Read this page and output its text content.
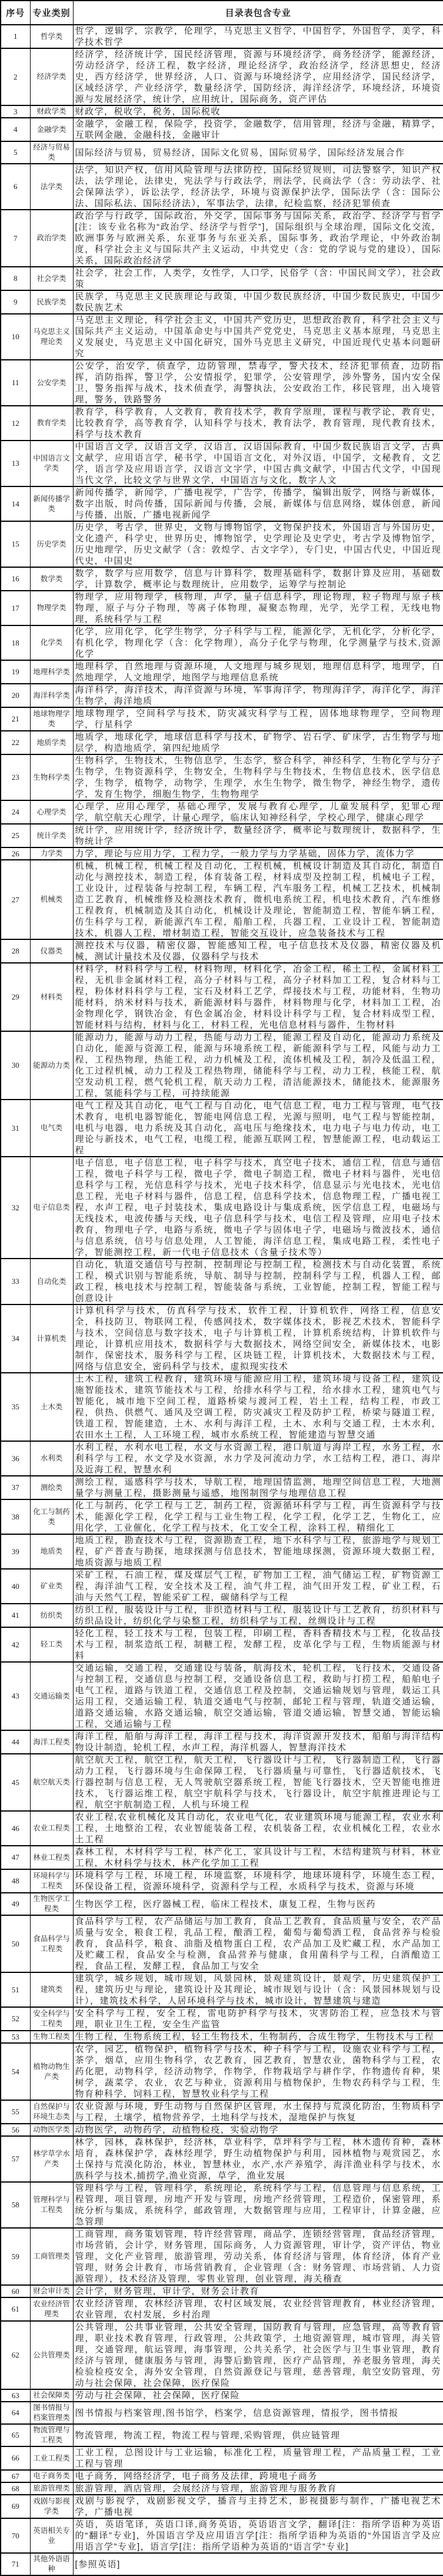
序号	专业类别	目录表包含专业
1	哲学类	哲学，逻辑学，宗教学，伦理学，马克思主义哲学，中国哲学，外国哲学，美学，科学技术哲学
2	经济学类	经济学，经济统计学，国民经济管理，资源与环境经济学，商务经济学，能源经济，劳动经济学，经济工程，数字经济，理论经济学，政治经济学，经济思想史，经济史，西方经济学，世界经济，人口、资源与环境经济学，应用经济学，国民经济学，区域经济学，产业经济学，数量经济学，国防经济，海洋经济学，环境经济，环境资源与发展经济学，统计学，应用统计，国际商务，资产评估
3	财政学类	财政学，税收学，税务，国际税收
4	金融学类	金融学，金融工程，保险学，投资学，金融数学，信用管理，经济与金融，精算学，互联网金融，金融科技，金融审计
5	经济与贸易类	国际经济与贸易，贸易经济，国际文化贸易，国际贸易学，国际经济发展合作
6	法学类	法学，知识产权，信用风险管理与法律防控，国际经贸规则，司法警察学，知识产权法，法学理论，法律史，宪法学与行政法学，刑法学，民商法学（含：劳动法学、社会保障法学），诉讼法学，经济法学，环境与资源保护法学，国际法学（含：国际公法、国际私法、国际经济法），军事法学，法律，纪检监察，经济犯罪侦查
7	政治学类	政治学与行政学，国际政治，外交学，国际事务与国际关系，政治学、经济学与哲学[注：该专业名称为“政治学、经济学与哲学”]，国际组织与全球治理，国际文化交流，欧洲事务与欧洲关系，东亚事务与东亚关系，国际事务，政治学理论，中外政治制度，科学社会主义与国际共产主义运动，中共党史（含：党的学说与党的建设），国际关系，国际政治经济学
8	社会学类	社会学，社会工作，人类学，女性学，人口学，民俗学（含：中国民间文学），社会政策
9	民族学类	民族学，马克思主义民族理论与政策，中国少数民族经济，中国少数民族史，中国少数民族艺术
10	马克思主义理论类	马克思主义理论，科学社会主义，中国共产党历史，思想政治教育，科学社会主义与国际共产主义运动，中国革命史与中国共产党党史，马克思主义基本原理，马克思主义发展史，马克思主义中国化研究，国外马克思主义研究，中国近现代史基本问题研究
11	公安学类	公安学，治安学，侦查学，边防管理，禁毒学，警犬技术，经济犯罪侦查，边防指挥，消防指挥，警卫学，公安情报学，犯罪学，公安管理学，涉外警务，国内安全保卫，警务指挥与战术，技术侦查学，海警执法，公安政治工作，移民管理，出入境管理，警务，铁路警务
12	教育学类	教育学，科学教育，人文教育，教育技术学，教育学原理，课程与教学论，教育史，比较教育学，高等教育学，认知科学与技术，教育法学，教育管理，现代教育技术，科学与技术教育
13	中国语言文学类	中国语言文学，汉语言文学，汉语言，汉语国际教育，中国少数民族语言文学，古典文献学，应用语言学，秘书学，中国语言文化，对外汉语，中国学，文秘教育，文艺学，语言学及应用语言学，汉语言文字学，中国古典文献学，中国古代文学，中国现当代文学，比较文学与世界文学，中国语言与文化，数字人文
14	新闻传播学类	新闻传播学，新闻学，广播电视学，广告学，传播学，编辑出版学，网络与新媒体，数字出版，时尚传播，国际新闻与传播，会展，新媒体与信息网络，媒体创意，新闻与传播，出版，广播电视新闻学
15	历史学类	历史学，考古学，世界史，文物与博物馆学，文物保护技术，外国语言与外国历史，文化遗产，科学史，世界历史，博物馆学，史学理论及史学史，考古学及博物馆学，历史地理学，历史文献学（含：敦煌学、古文字学），专门史，中国古代史，中国近现代史，中国史
16	数学类	数学，数学与应用数学，信息与计算科学，数理基础科学，数据计算及应用，基础数学，计算数学，概率论与数理统计，应用数学，运筹学与控制论
17	物理学类	物理学，应用物理学，核物理，声学，量子信息科学，理论物理，粒子物理与原子核物理，原子与分子物理，等离子体物理，凝聚态物理，光学，光学工程，无线电物理，系统科学与工程
18	化学类	化学，应用化学，化学生物学，分子科学与工程，能源化学，无机化学，分析化学，有机化学，物理化学（含：化学物理），高分子化学与物理，化学测量学与技术,资源化学
19	地理科学类	地理科学，自然地理与资源环境，人文地理与城乡规划，地理信息科学，地理学，自然地理学，人文地理学，地图学与地理信息系统
20	海洋科学类	海洋科学，海洋技术，海洋资源与环境，军事海洋学，物理海洋学，海洋化学，海洋生物学，海洋地质
21	地球物理学类	地球物理学，空间科学与技术，防灾减灾科学与工程，固体地球物理学，空间物理学，行星科学
22	地质学类	地质学，地球化学，地球信息科学与技术，矿物学、岩石学、矿床学，古生物学与地层学，构造地质学，第四纪地质学
23	生物科学类	生物科学，生物技术，生物信息学，生态学，整合科学，神经科学，生物化学与分子生物学，生物资源科学，生物安全，生物科学与生物技术，生物信息技术，医学信息学，生物学，植物学，动物学，生理学，水生生物学，微生物学，神经生物学，遗传学，发育生物学，细胞生物学，生物物理学
24	心理学类	心理学，应用心理学，基础心理学，发展与教育心理学，儿童发展科学，犯罪心理学，航空航天心理学，计量心理学，临床认知神经科学，学校心理学，健康心理学
25	统计学类	统计学，应用统计学，经济统计学，数量经济学，概率论与数理统计，数据科学，生物统计学
26	力学类	力学，理论与应用力学，工程力学，一般力学与力学基础，固体力学，流体力学
27	机械类	机械，机械工程，机械工程及自动化，工程机械，机械设计制造及其自动化，制造自动化与测控技术，制造工程，体育装备工程，材料成型及控制工程，机械电子工程，工业设计，过程装备与控制工程，车辆工程，汽车服务工程，机械工艺技术，机械制造工艺教育，机械维修及检测技术教育，微机电系统工程，机电技术教育，汽车维修工程教育，机械制造及其自动化，机械设计及理论，智能制造工程，智能车辆工程，仿生科学与工程，新能源汽车工程，船舶工程，兵器工程，工业设计工程，智能制造技术，机器人工程，增材制造工程，智能交互设计，应急装备技术与工程
28	仪器类	测控技术与仪器，精密仪器，智能感知工程，电子信息技术及仪器，精密仪器及机械，测试计量技术及仪器，仪器科学与技术
29	材料类	材料学，材料科学与工程，材料物理，材料化学，冶金工程，稀土工程，金属材料工程，无机非金属材料工程，高分子材料与工程，高分子材料加工工程，复合材料与工程，粉体材料科学与工程，宝石及材料工艺学，焊接技术与工程，功能材料，生物功能材料，纳米材料与技术，新能源材料与器件，材料物理与化学，材料加工工程，冶金物理化学，钢铁冶金，有色金属冶金，材料设计科学与工程，复合材料成型工程，智能材料与结构，材料与化工，材料工程，光电信息材料与器件，生物材料
30	能源动力类	能源动力，能源与动力工程，热能与动力工程，能源工程及自动化，能源动力系统及自动化，能源与资源工程，能源与环境系统工程，新能源科学与工程，风能与动力工程，工程热物理，热能工程，动力机械及工程，流体机械及工程，制冷及低温工程，化工过程机械，动力工程及工程热物理，储能科学与工程，动力工程，核能工程，航空发动机工程，燃气轮机工程，航天动力工程，清洁能源技术，储能技术，能源服务工程，氢能科学与工程，可持续能源
31	电气类	电气工程及其自动化，电气工程与自动化，电气信息工程，电力工程与管理，电气技术教育，电机电器智能化，智能电网信息工程，光源与照明，电气工程与智能控制，电机与电器，电力系统及其自动化，高电压与绝缘技术，电力电子与电力传动，电工理论与新技术，电气工程，电缆工程，能源互联网工程，智慧能源工程，电动载运工程
32	电子信息类	电子信息，电子信息工程，电子科学与技术，真空电子技术，通信工程，信息与通信工程，微电子科学与工程，微电子学，微电子制造工程，微电子材料与器件，光电信息科学与工程，光信息科学与技术，光电子技术科学，信息显示与光电技术，光电信息工程，光电子材料与器件，信息工程，信息科学技术，信息物理工程，广播电视工程，水声工程，电子封装技术，集成电路设计与集成系统，医学信息工程，电磁场与无线技术，电波传播与天线，电子信息科学与技术，电信工程及管理，应用电子技术教育，物理电子学，电路与系统，微电子学与固体电子学，电磁场与微波技术，通信与信息系统，信号与信息处理，人工智能，海洋信息工程，集成电路工程，柔性电子学，智能测控工程，新一代电子信息技术（含量子技术等）
33	自动化类	自动化，轨道交通信号与控制，控制理论与控制工程，检测技术与自动化装置，系统工程，模式识别与智能系统，导航、制导与控制，控制科学与工程，机器人工程，邮政工程，核电技术与控制工程，智能装备与系统，工业智能，控制工程，智能工程与创意设计
34	计算机类	计算机科学与技术，仿真科学与技术，软件工程，计算机软件，网络工程，信息安全，科技防卫，物联网工程，传感网技术，数字媒体技术，影视艺术技术，智能科学与技术，空间信息与数字技术，电子与计算机工程，计算机系统结构，计算机软件与理论，计算机应用技术，数据科学与大数据技术，网络空间安全，新媒体技术，电影制作，保密技术，服务科学与工程，区块链工程，计算机技术，大数据技术与工程，网络与信息安全，密码科学与技术，虚拟现实技术
35	土木类	土木工程，建筑工程教育，建筑环境与能源应用工程，建筑环境与设备工程，建筑设施智能技术，建筑节能技术与工程，给排水科学与工程，给水排水工程，建筑电气与智能化，城市地下空间工程，道路桥梁与渡河工程，岩土工程，结构工程，市政工程，供热、供燃气、通风及空调工程，防灾减灾工程及防护工程，桥梁与隧道工程，铁道工程，智能建造，土木、水利与海洋工程，土木、水利与交通工程，土木水利，农田水土工程，人工环境工程，城市水系统工程，智能建造与智慧交通
36	水利类	水利工程，水利水电工程，水文与水资源工程，港口航道与海岸工程，水务工程，水利科学与工程，水文学及水资源，水力学及河流动力学，水工结构工程，港口、海岸及近海工程，智慧水利
37	测绘类	测绘工程，遥感科学与技术，导航工程，地理国情监测，地理空间信息工程，大地测量学与测量工程，摄影测量与遥感，地图制图学与地理信息工程
38	化工与制药类	化工与制药，化学工程与工艺，制药工程，资源循环科学与工程，再生资源科学与技术，能源化学工程，化学工程与工业生物工程，化学工程，化学工艺，生物化工，应用化学，工业催化，化学工程与技术，化工安全工程，涂料工程，精细化工
39	地质类	地质工程，勘查技术与工程，资源勘查工程，地下水科学与工程，旅游地学与规划工程，矿产普查与勘探，地球探测与信息技术，智能地球探测，资源环境大数据工程，地质资源与地质工程
40	矿业类	采矿工程，石油工程，煤及煤层气工程，矿物加工工程，油气储运工程，矿物资源工程，海洋油气工程，安全技术及工程，油气井工程，油气田开发工程，矿业工程，石油与天然气工程，智能采矿工程，碳储科学与工程
41	纺织类	纺织工程，服装设计与工程，非织造材料与工程，服装设计与工艺教育，纺织材料与纺织品设计，纺织化学与染整工程，纺织科学与工程，丝绸设计与工程
42	轻工类	轻化工程，轻工技术与工程，包装工程，印刷工程，香料香精技术与工程，化妆品技术与工程，制浆造纸工程，制糖工程，发酵工程，皮革化学与工程，生物质能源与材料
43	交通运输类	交通运输，交通工程，交通建设与装备，航海技术，轮机工程，飞行技术，交通设备与控制工程，交通信息与控制工程，交通设备信息工程，救助与打捞工程，船舶电子电气工程，道路与铁道工程，交通信息工程及控制，交通运输规划与管理，载运工具运用工程，交通运输工程，轨道交通电气与控制，邮轮工程与管理，轨道交通运输，道路交通运输，水路交通运输，航空交通运输，管道交通运输，智慧交通，智能运输工程，交通运输与工程
44	海洋工程类	海洋工程，船舶与海洋工程，海洋工程与技术，海洋资源开发技术，船舶与海洋结构物设计制造，轮机工程，水声工程，海洋机器人，智慧海洋技术
45	航空航天类	航空航天工程，航空工程，航天工程，飞行器设计与工程，飞行器制造工程，飞行器动力工程，飞行器环境与生命保障工程，飞行器质量与可靠性，飞行器适航技术，飞行器控制与信息工程，无人驾驶航空器系统工程，智能飞行器技术，空天智能电推进技术，飞行器运维工程，航空宇航科学与技术，飞行器设计，航空宇航推进理论与工程，航空宇航制造工程，人机与环境工程
46	农业工程类	农业工程,农业机械化及其自动化，农业电气化，农业建筑环境与能源工程，农业水利工程，土地整治工程，农业智能装备工程，农机装备工程，农业机械化工程，农业水土工程
47	林业工程类	森林工程，木材科学与工程，林产化工，家具设计与工程，木结构建筑与材料，林业工程，木材科学与技术，林产化学加工工程
48	环境科学与工程类	环境科学与工程，环境工程，环境监察，环境科学，地球环境科学，环境生态工程，环保设备工程，资源环境科学，资源科学与工程，水质科学与技术，资源与环境
49	生物医学工程类	生物医学工程，医疗器械工程，临床工程技术，康复工程，生物与医药
50	食品科学与工程类	食品科学与工程，农产品储运与加工教育，食品工艺教育，食品质量与安全，农产品质量与安全，粮食工程，乳品工程，酿酒工程，葡萄与葡萄酒工程，食品营养与检验教育，食品科学，粮食、油脂及植物蛋白工程，农产品加工及贮藏工程，水产品加工及贮藏工程，食品安全与检测，食品营养与健康，食用菌科学与工程，白酒酿造工程，食品工程，发酵工程，食品加工与安全
51	建筑类	建筑学，城乡规划，城市规划，风景园林，景观建筑设计，景观学，历史建筑保护工程，建筑历史与理论，建筑设计及其理论，城市规划与设计（含：风景园林规划与设计），建筑技术科学，人居环境科学与技术，城市设计，智慧建筑与建造
52	安全科学与工程类	安全科学与工程，安全工程，雷电防护科学与技术，灾害防治工程，应急技术与管理，职业卫生工程，安全生产监管
53	生物工程类	生物工程，生物系统工程，轻工生物技术，生物制药，合成生物学，生物技术与工程
54	植物动物生产类	农学，园艺，植物保护，植物科学与技术，种子科学与工程，设施农业科学与工程，茶学，烟草，应用生物科学，农艺教育，园艺教育，智慧农业，菌物科学与工程，农药化肥，动物科学，经济动物学，作物学，作物栽培学与耕作学，作物遗传育种，果树学，蔬菜学，农业，农艺与种业，资源利用与植物保护，生物农药科学与工程，生物育种科学，饲料工程，智慧牧业科学与工程
55	自然保护与环境生态类	农业资源与环境，野生动物与自然保护区管理，水土保持与荒漠化防治，生物质科学与工程，土壤学，植物营养学，土地科学与技术，湿地保护与恢复
56	动物医学类	动物医学，动物药学，动植物检疫，实验动物学
57	林学草学水产类	林学，园林，森林保护，经济林，草业科学，草坪科学与工程，林木遗传育种，森林培育，森林保护学，森林经理学，野生动植物保护与利用，园林植物与观赏园艺，水土保持与荒漠化防治，林业，智慧林业，水产,水产养殖学，海洋渔业科学与技术，水族科学与技术,捕捞学,渔业资源，草学，渔业发展
58	管理科学与工程类	管理科学与工程，管理科学，系统理论，系统科学与工程，信息管理与信息系统，工程管理，项目管理，房地产开发与管理，房地产经营管理，工程造价，保密管理，系统分析与集成，系统科学，邮政管理，大数据管理与应用，工程审计，计算金融，应急管理
59	工商管理类	工商管理，商务策划管理，特许经营管理，商品学，连锁经营管理，食品经济管理，市场营销，会计学，财务管理，国际商务，人力资源管理，审计学，资产评估，物业管理，文化产业管理，旅游管理，劳动关系，体育经济与管理，体育经济，体育产业管理，财务会计教育，市场营销教育，企业管理（含：财务管理、市场营销、人力资源管理），技术经济及管理，零售业管理，创业管理，海关稽查
60	财会审计类	会计学，财务管理，审计学，财务会计教育
61	农业经济管理类	农业经济管理，农林经济管理，农村区域发展，农业经营管理教育，林业经济管理，农业管理，农村发展，乡村治理
62	公共管理类	公共管理，公共事业管理，公共安全管理，国防教育与管理，应急管理，高等教育管理，职业技术教育管理，行政管理，公共政策学，土地资源管理，城市管理，海关管理，交通管理，航运管理，海事管理，公共关系学，社会医学与卫生事业管理，教育经济与管理，健康服务与管理，海警后勤管理，医疗产品管理，养老服务管理，海关检验检疫安全，海外安全管理，自然资源登记与管理，慈善管理，航空安防管理，劳动与社会保障，社会保障，医疗保险
63	社会保障类	劳动与社会保障，社会保障，医疗保险
64	图书情报与档案管理类	图书情报与档案管理,图书馆学，档案学，信息资源管理，情报学，图书情报
65	物流管理与工程类	物流管理，物流工程，物流工程与管理,采购管理，供应链管理
66	工业工程类	工业工程，总图设计与工业运输，标准化工程，质量管理工程，产品质量工程，工业工程与管理
67	电子商务类	电子商务，网络经济学，电子商务及法律，跨境电子商务
68	旅游管理类	旅游管理，酒店管理，会展经济与管理，旅游管理与服务教育
69	戏剧与影视学类	戏剧与影视学，戏剧影视文学，播音与主持艺术，影视摄影与制作，广播电视艺术学，广播电视
70	英语相关专业	英语，英语笔译，英语口译,商务英语，英语语言文学，翻译[注：指所学语种为英语的“翻译”专业]，外国语言学及应用语言学[注：指所学语种为英语的“外国语言学及应用语言学”专业]，语言学[注：指所学语种为英语的“语言学”专业]
71	其他外语语种	[参照英语]
